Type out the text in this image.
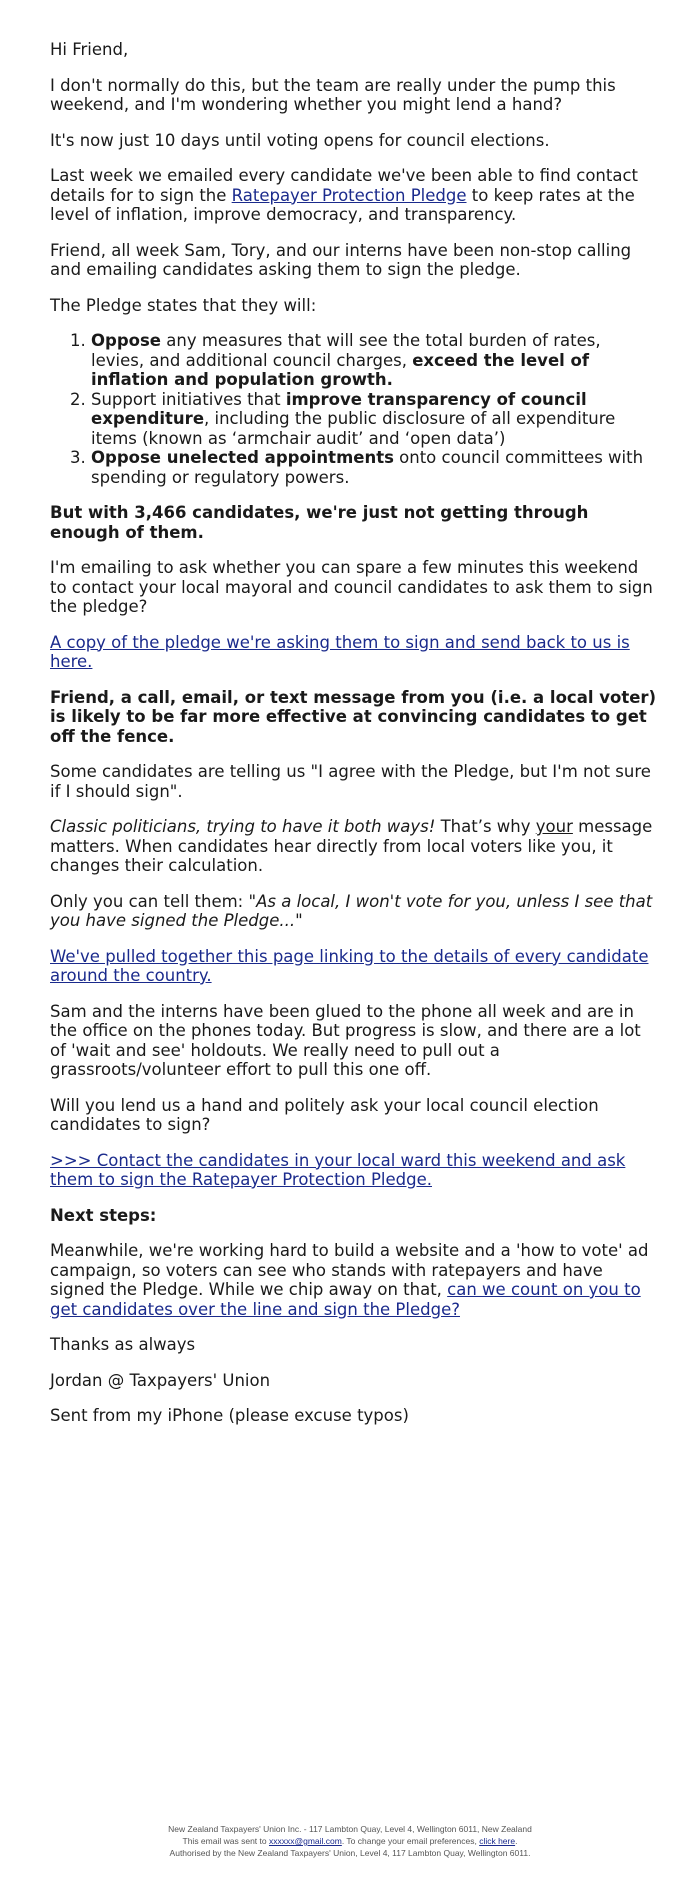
Hi Friend,

I don't normally do this, but the team are really under the pump this weekend, and I'm wondering whether you might lend a hand?

It's now just 10 days until voting opens for council elections.

Last week we emailed every candidate we've been able to find contact details for to sign the Ratepayer Protection Pledge to keep rates at the level of inflation, improve democracy, and transparency.

Friend, all week Sam, Tory, and our interns have been non-stop calling and emailing candidates asking them to sign the pledge.

The Pledge states that they will:

1. Oppose any measures that will see the total burden of rates, levies, and additional council charges, exceed the level of inflation and population growth.
2. Support initiatives that improve transparency of council expenditure, including the public disclosure of all expenditure items (known as ‘armchair audit’ and ‘open data’)
3. Oppose unelected appointments onto council committees with spending or regulatory powers.

But with 3,466 candidates, we're just not getting through enough of them.

I'm emailing to ask whether you can spare a few minutes this weekend to contact your local mayoral and council candidates to ask them to sign the pledge?

A copy of the pledge we're asking them to sign and send back to us is here.

Friend, a call, email, or text message from you (i.e. a local voter) is likely to be far more effective at convincing candidates to get off the fence.

Some candidates are telling us "I agree with the Pledge, but I'm not sure if I should sign".

Classic politicians, trying to have it both ways! That’s why your message matters. When candidates hear directly from local voters like you, it changes their calculation.

Only you can tell them: "As a local, I won't vote for you, unless I see that you have signed the Pledge..."

We've pulled together this page linking to the details of every candidate around the country.

Sam and the interns have been glued to the phone all week and are in the office on the phones today. But progress is slow, and there are a lot of 'wait and see' holdouts. We really need to pull out a grassroots/volunteer effort to pull this one off.

Will you lend us a hand and politely ask your local council election candidates to sign?

>>> Contact the candidates in your local ward this weekend and ask them to sign the Ratepayer Protection Pledge.

Next steps:

Meanwhile, we're working hard to build a website and a 'how to vote' ad campaign, so voters can see who stands with ratepayers and have signed the Pledge. While we chip away on that, can we count on you to get candidates over the line and sign the Pledge?

Thanks as always

Jordan @ Taxpayers' Union

Sent from my iPhone (please excuse typos)

New Zealand Taxpayers' Union Inc. - 117 Lambton Quay, Level 4, Wellington 6011, New Zealand
This email was sent to xxxxxx@gmail.com. To change your email preferences, click here.
Authorised by the New Zealand Taxpayers' Union, Level 4, 117 Lambton Quay, Wellington 6011.
